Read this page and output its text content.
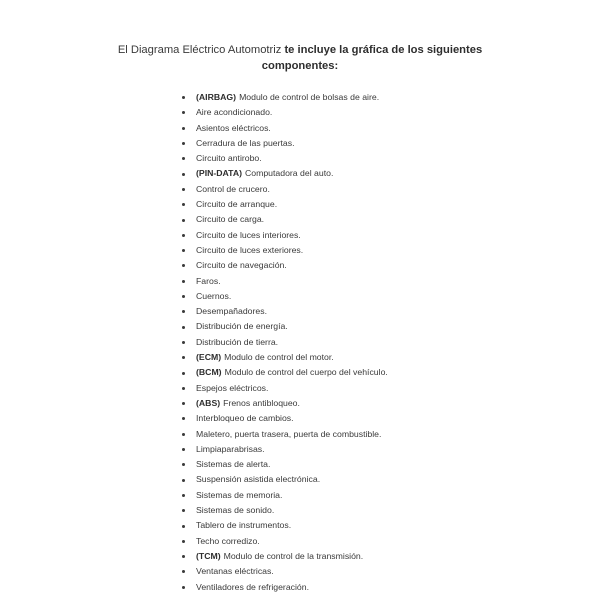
El Diagrama Eléctrico Automotriz te incluye la gráfica de los siguientes
componentes:
(AIRBAG) Modulo de control de bolsas de aire.
Aire acondicionado.
Asientos eléctricos.
Cerradura de las puertas.
Circuito antirobo.
(PIN-DATA) Computadora del auto.
Control de crucero.
Circuito de arranque.
Circuito de carga.
Circuito de luces interiores.
Circuito de luces exteriores.
Circuito de navegación.
Faros.
Cuernos.
Desempañadores.
Distribución de energía.
Distribución de tierra.
(ECM) Modulo de control del motor.
(BCM) Modulo de control del cuerpo del vehículo.
Espejos eléctricos.
(ABS) Frenos antibloqueo.
Interbloqueo de cambios.
Maletero, puerta trasera, puerta de combustible.
Limpiaparabrisas.
Sistemas de alerta.
Suspensión asistida electrónica.
Sistemas de memoria.
Sistemas de sonido.
Tablero de instrumentos.
Techo corredizo.
(TCM) Modulo de control de la transmisión.
Ventanas eléctricas.
Ventiladores de refrigeración.
